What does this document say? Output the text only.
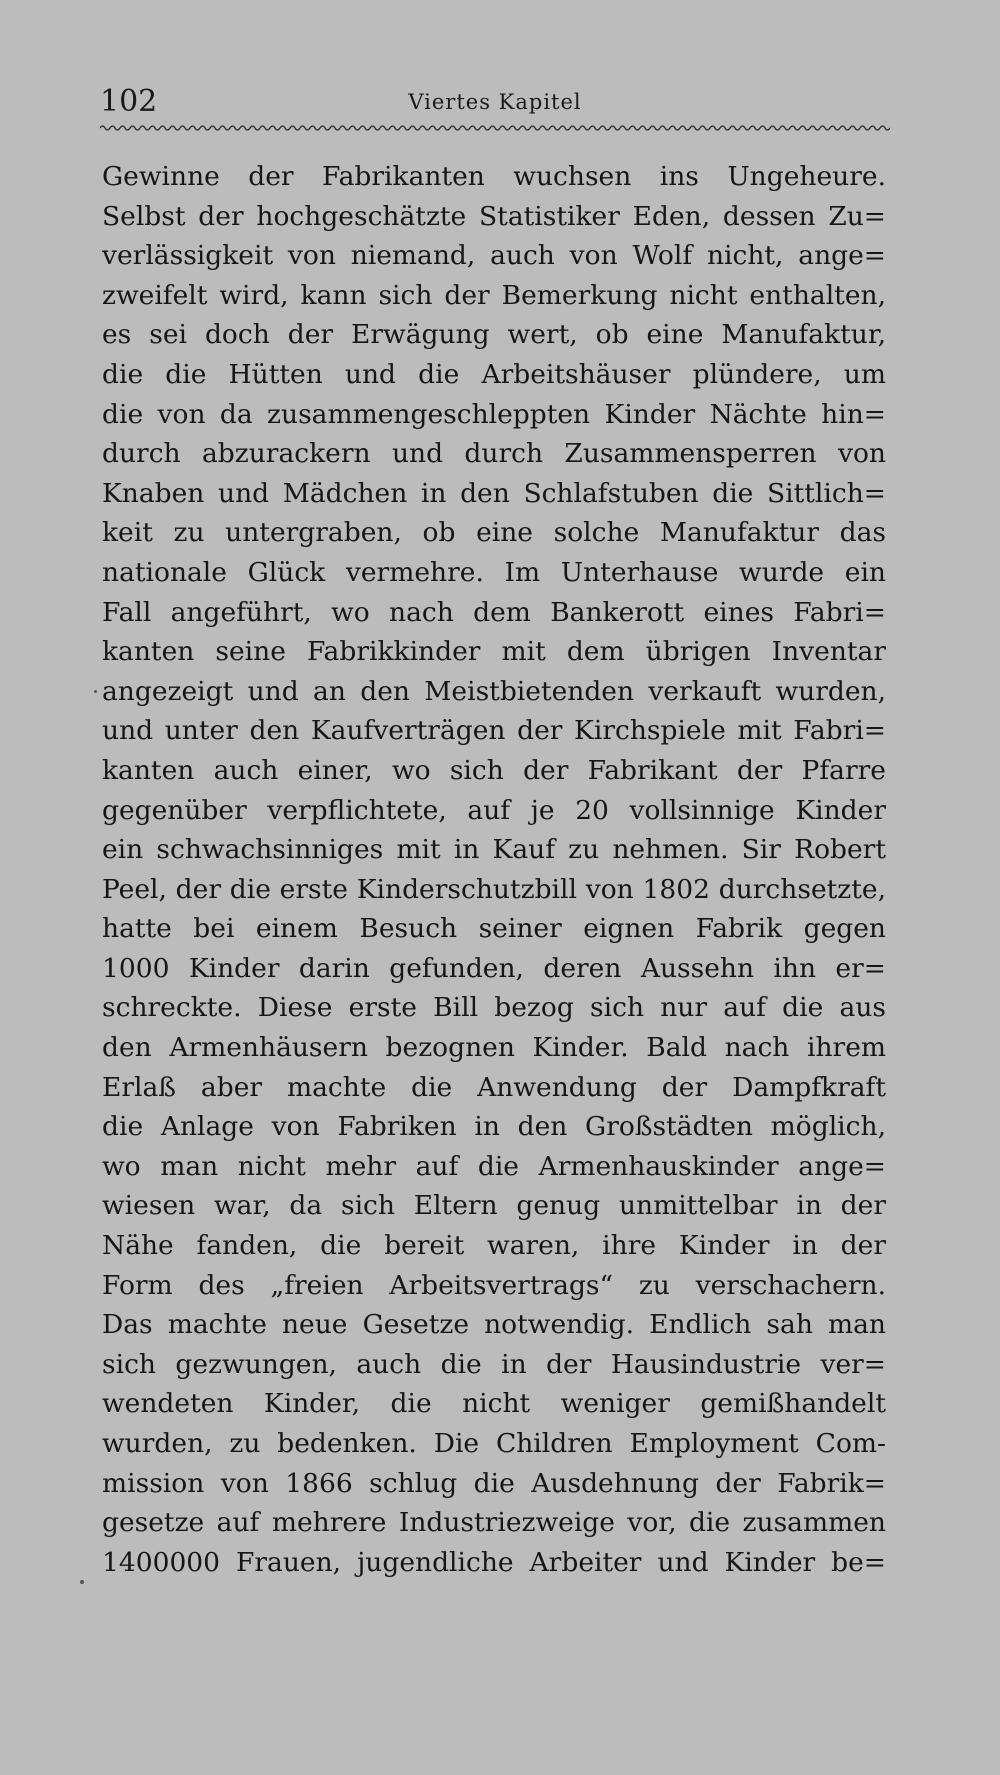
102	Viertes Kapitel
Gewinne der Fabrikanten wuchsen ins Ungeheure.
Selbst der hochgeschätzte Statistiker Eden, dessen Zu=
verlässigkeit von niemand, auch von Wolf nicht, ange=
zweifelt wird, kann sich der Bemerkung nicht enthalten,
es sei doch der Erwägung wert, ob eine Manufaktur,
die die Hütten und die Arbeitshäuser plündere, um
die von da zusammengeschleppten Kinder Nächte hin=
durch abzurackern und durch Zusammensperren von
Knaben und Mädchen in den Schlafstuben die Sittlich=
keit zu untergraben, ob eine solche Manufaktur das
nationale Glück vermehre. Im Unterhause wurde ein
Fall angeführt, wo nach dem Bankerott eines Fabri=
kanten seine Fabrikkinder mit dem übrigen Inventar
angezeigt und an den Meistbietenden verkauft wurden,
und unter den Kaufverträgen der Kirchspiele mit Fabri=
kanten auch einer, wo sich der Fabrikant der Pfarre
gegenüber verpflichtete, auf je 20 vollsinnige Kinder
ein schwachsinniges mit in Kauf zu nehmen. Sir Robert
Peel, der die erste Kinderschutzbill von 1802 durchsetzte,
hatte bei einem Besuch seiner eignen Fabrik gegen
1000 Kinder darin gefunden, deren Aussehn ihn er=
schreckte. Diese erste Bill bezog sich nur auf die aus
den Armenhäusern bezognen Kinder. Bald nach ihrem
Erlaß aber machte die Anwendung der Dampfkraft
die Anlage von Fabriken in den Großstädten möglich,
wo man nicht mehr auf die Armenhauskinder ange=
wiesen war, da sich Eltern genug unmittelbar in der
Nähe fanden, die bereit waren, ihre Kinder in der
Form des „freien Arbeitsvertrags“ zu verschachern.
Das machte neue Gesetze notwendig. Endlich sah man
sich gezwungen, auch die in der Hausindustrie ver=
wendeten Kinder, die nicht weniger gemißhandelt
wurden, zu bedenken. Die Children Employment Com-
mission von 1866 schlug die Ausdehnung der Fabrik=
gesetze auf mehrere Industriezweige vor, die zusammen
1400000 Frauen, jugendliche Arbeiter und Kinder be=
